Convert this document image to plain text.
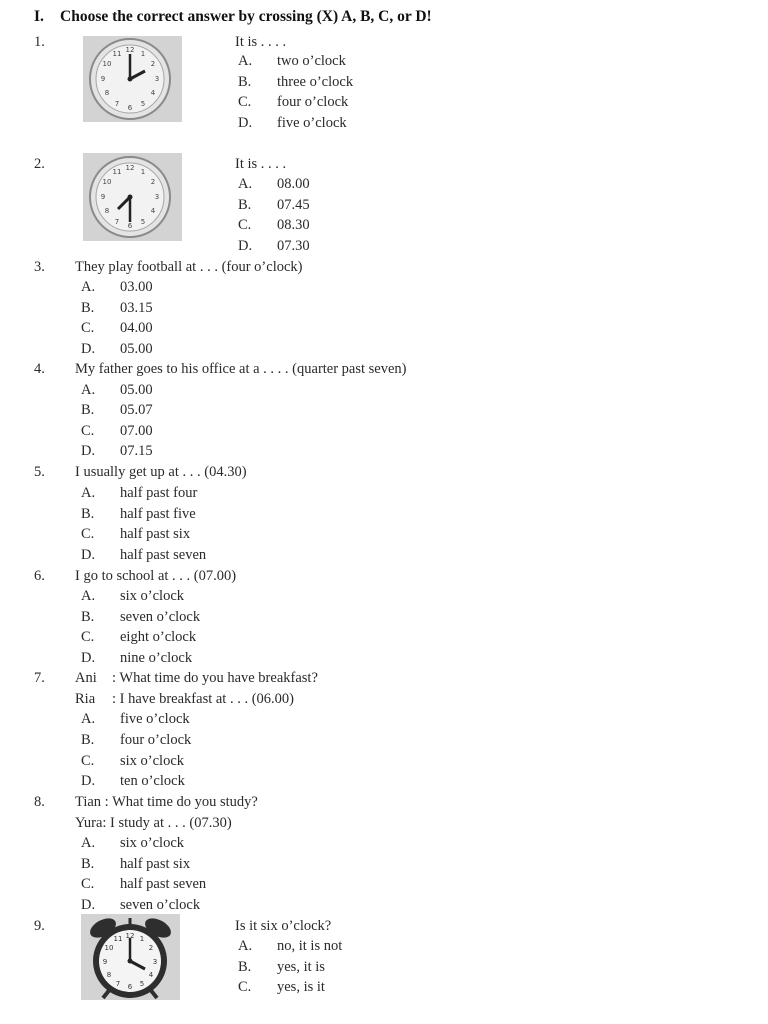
I. Choose the correct answer by crossing (X) A, B, C, or D!
1.	12 1
2
3
4
5
6
7
8
9
10
11
It is . . . .
A. two o’clock
B. three o’clock
C. four o’clock
D. five o’clock
2.	12 1
2
3
4
5
6
7
8
9
10
11	It is . . . .
A. 08.00
B. 07.45
C. 08.30
D. 07.30
3. They play football at . . . (four o’clock)
A. 03.00
B. 03.15
C. 04.00
D. 05.00
4. My father goes to his office at a . . . . (quarter past seven)
A. 05.00
B. 05.07
C. 07.00
D. 07.15
5. I usually get up at . . . (04.30)
A. half past four
B. half past five
C. half past six
D. half past seven
6. I go to school at . . . (07.00)
A. six o’clock
B. seven o’clock
C. eight o’clock
D. nine o’clock
7. Ani : What time do you have breakfast?
Ria : I have breakfast at . . . (06.00)
A. five o’clock
B. four o’clock
C. six o’clock
D. ten o’clock
8. Tian : What time do you study?
Yura: I study at . . . (07.30)
A. six o’clock
B. half past six
C. half past seven
D. seven o’clock
9.
12 1
2
3
4
5
6
7
8
9
10
11
Is it six o’clock?
A. no, it is not
B. yes, it is
C. yes, is it
